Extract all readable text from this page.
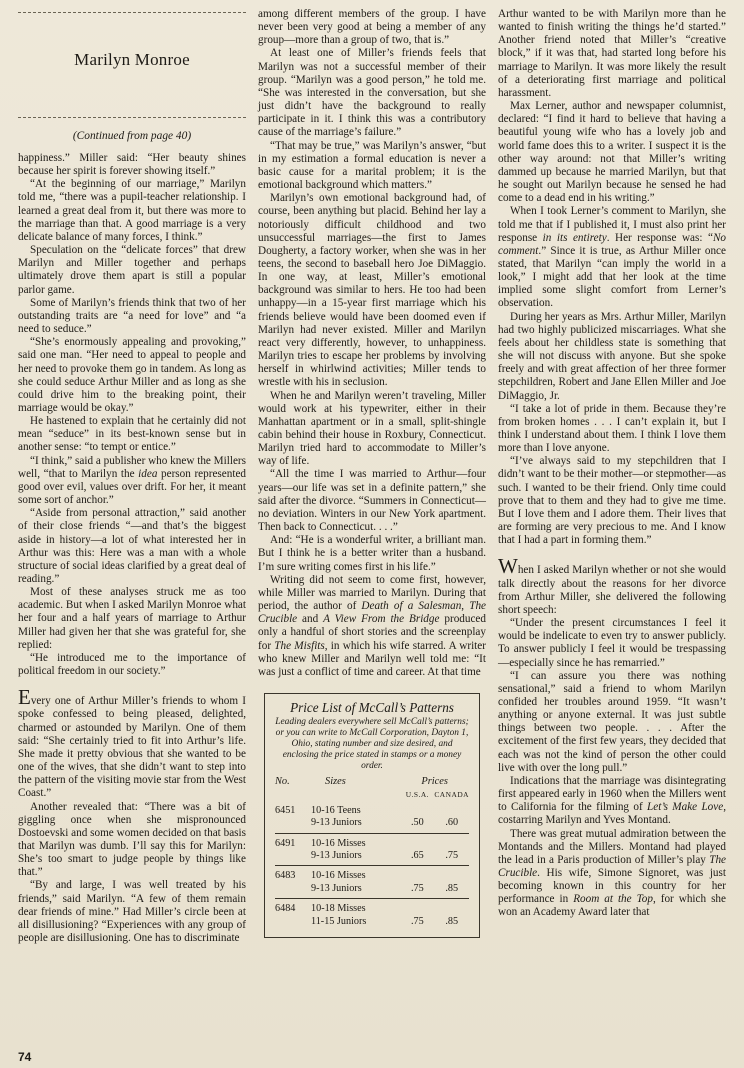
Marilyn Monroe
(Continued from page 40)

happiness.” Miller said: “Her beauty shines because her spirit is forever showing itself.”

“At the beginning of our marriage,” Marilyn told me, “there was a pupil-teacher relationship. I learned a great deal from it, but there was more to the marriage than that. A good marriage is a very delicate balance of many forces, I think.”

Speculation on the “delicate forces” that drew Marilyn and Miller together and perhaps ultimately drove them apart is still a popular parlor game.

Some of Marilyn’s friends think that two of her outstanding traits are “a need for love” and “a need to seduce.”

“She’s enormously appealing and provoking,” said one man. “Her need to appeal to people and her need to provoke them go in tandem. As long as she could seduce Arthur Miller and as long as she could drive him to the breaking point, their marriage would be okay.”

He hastened to explain that he certainly did not mean “seduce” in its best-known sense but in another sense: “to tempt or entice.”

“I think,” said a publisher who knew the Millers well, “that to Marilyn the idea person represented good over evil, values over drift. For her, it meant some sort of anchor.”

“Aside from personal attraction,” said another of their close friends “—and that’s the biggest aside in history—a lot of what interested her in Arthur was this: Here was a man with a whole structure of social ideas clarified by a great deal of reading.”

Most of these analyses struck me as too academic. But when I asked Marilyn Monroe what her four and a half years of marriage to Arthur Miller had given her that she was grateful for, she replied:

“He introduced me to the importance of political freedom in our society.”

Every one of Arthur Miller’s friends to whom I spoke confessed to being pleased, delighted, charmed or astounded by Marilyn. One of them said: “She certainly tried to fit into Arthur’s life. She made it pretty obvious that she wanted to be one of the wives, that she didn’t want to step into the pattern of the visiting movie star from the West Coast.”

Another revealed that: “There was a bit of giggling once when she mispronounced Dostoevski and some women decided on that basis that Marilyn was dumb. I’ll say this for Marilyn: She’s too smart to judge people by things like that.”

“By and large, I was well treated by his friends,” said Marilyn. “A few of them remain dear friends of mine.” Had Miller’s circle been at all disillusioning? “Experiences with any group of people are disillusioning. One has to discriminate

among different members of the group. I have never been very good at being a member of any group—more than a group of two, that is.”

At least one of Miller’s friends feels that Marilyn was not a successful member of their group. “Marilyn was a good person,” he told me. “She was interested in the conversation, but she just didn’t have the background to really participate in it. I think this was a contributory cause of the marriage’s failure.”

“That may be true,” was Marilyn’s answer, “but in my estimation a formal education is never a basic cause for a marital problem; it is the emotional background which matters.”

Marilyn’s own emotional background had, of course, been anything but placid. Behind her lay a notoriously difficult childhood and two unsuccessful marriages—the first to James Dougherty, a factory worker, when she was in her teens, the second to baseball hero Joe DiMaggio. In one way, at least, Miller’s emotional background was similar to hers. He too had been unhappy—in a 15-year first marriage which his friends believe would have been doomed even if Marilyn had never existed. Miller and Marilyn react very differently, however, to unhappiness. Marilyn tries to escape her problems by involving herself in whirlwind activities; Miller tends to wrestle with his in seclusion.

When he and Marilyn weren’t traveling, Miller would work at his typewriter, either in their Manhattan apartment or in a small, split-shingle cabin behind their house in Roxbury, Connecticut. Marilyn tried hard to accommodate to Miller’s way of life.

“All the time I was married to Arthur—four years—our life was set in a definite pattern,” she said after the divorce. “Summers in Connecticut—no deviation. Winters in our New York apartment. Then back to Connecticut. . . .”

And: “He is a wonderful writer, a brilliant man. But I think he is a better writer than a husband. I’m sure writing comes first in his life.”

Writing did not seem to come first, however, while Miller was married to Marilyn. During that period, the author of Death of a Salesman, The Crucible and A View From the Bridge produced only a handful of short stories and the screenplay for The Misfits, in which his wife starred. A writer who knew Miller and Marilyn well told me: “It was just a conflict of time and career. At that time

Price List of McCall’s Patterns
Leading dealers everywhere sell McCall’s patterns; or you can write to McCall Corporation, Dayton 1, Ohio, stating number and size desired, and enclosing the price stated in stamps or a money order.
No.	Sizes	Prices	
		U.S.A.	CANADA
6451	10-16 Teens
9-13 Juniors	.50	.60

6491	10-16 Misses
9-13 Juniors	.65	.75

6483	10-16 Misses
9-13 Juniors	.75	.85

6484	10-18 Misses
11-15 Juniors	.75	.85

Arthur wanted to be with Marilyn more than he wanted to finish writing the things he’d started.” Another friend noted that Miller’s “creative block,” if it was that, had started long before his marriage to Marilyn. It was more likely the result of a deteriorating first marriage and political harassment.

Max Lerner, author and newspaper columnist, declared: “I find it hard to believe that having a beautiful young wife who has a lovely job and world fame does this to a writer. I suspect it is the other way around: not that Miller’s writing dammed up because he married Marilyn, but that he sought out Marilyn because he sensed he had come to a dead end in his writing.”

When I took Lerner’s comment to Marilyn, she told me that if I published it, I must also print her response in its entirety. Her response was: “No comment.” Since it is true, as Arthur Miller once stated, that Marilyn “can imply the world in a look,” I might add that her look at the time implied some slight comfort from Lerner’s observation.

During her years as Mrs. Arthur Miller, Marilyn had two highly publicized miscarriages. What she feels about her childless state is something that she will not discuss with anyone. But she spoke freely and with great affection of her three former stepchildren, Robert and Jane Ellen Miller and Joe DiMaggio, Jr.

“I take a lot of pride in them. Because they’re from broken homes . . . I can’t explain it, but I think I understand about them. I think I love them more than I love anyone.

“I’ve always said to my stepchildren that I didn’t want to be their mother—or stepmother—as such. I wanted to be their friend. Only time could prove that to them and they had to give me time. But I love them and I adore them. Their lives that are forming are very precious to me. And I know that I had a part in forming them.”

When I asked Marilyn whether or not she would talk directly about the reasons for her divorce from Arthur Miller, she delivered the following short speech:

“Under the present circumstances I feel it would be indelicate to even try to answer publicly. To answer publicly I feel it would be trespassing—especially since he has remarried.”

“I can assure you there was nothing sensational,” said a friend to whom Marilyn confided her troubles around 1959. “It wasn’t anything or anyone external. It was just subtle things between two people. . . . After the excitement of the first few years, they decided that each was not the kind of person the other could live with over the long pull.”

Indications that the marriage was disintegrating first appeared early in 1960 when the Millers went to California for the filming of Let’s Make Love, costarring Marilyn and Yves Montand.

There was great mutual admiration between the Montands and the Millers. Montand had played the lead in a Paris production of Miller’s play The Crucible. His wife, Simone Signoret, was just becoming known in this country for her performance in Room at the Top, for which she won an Academy Award later that

74
